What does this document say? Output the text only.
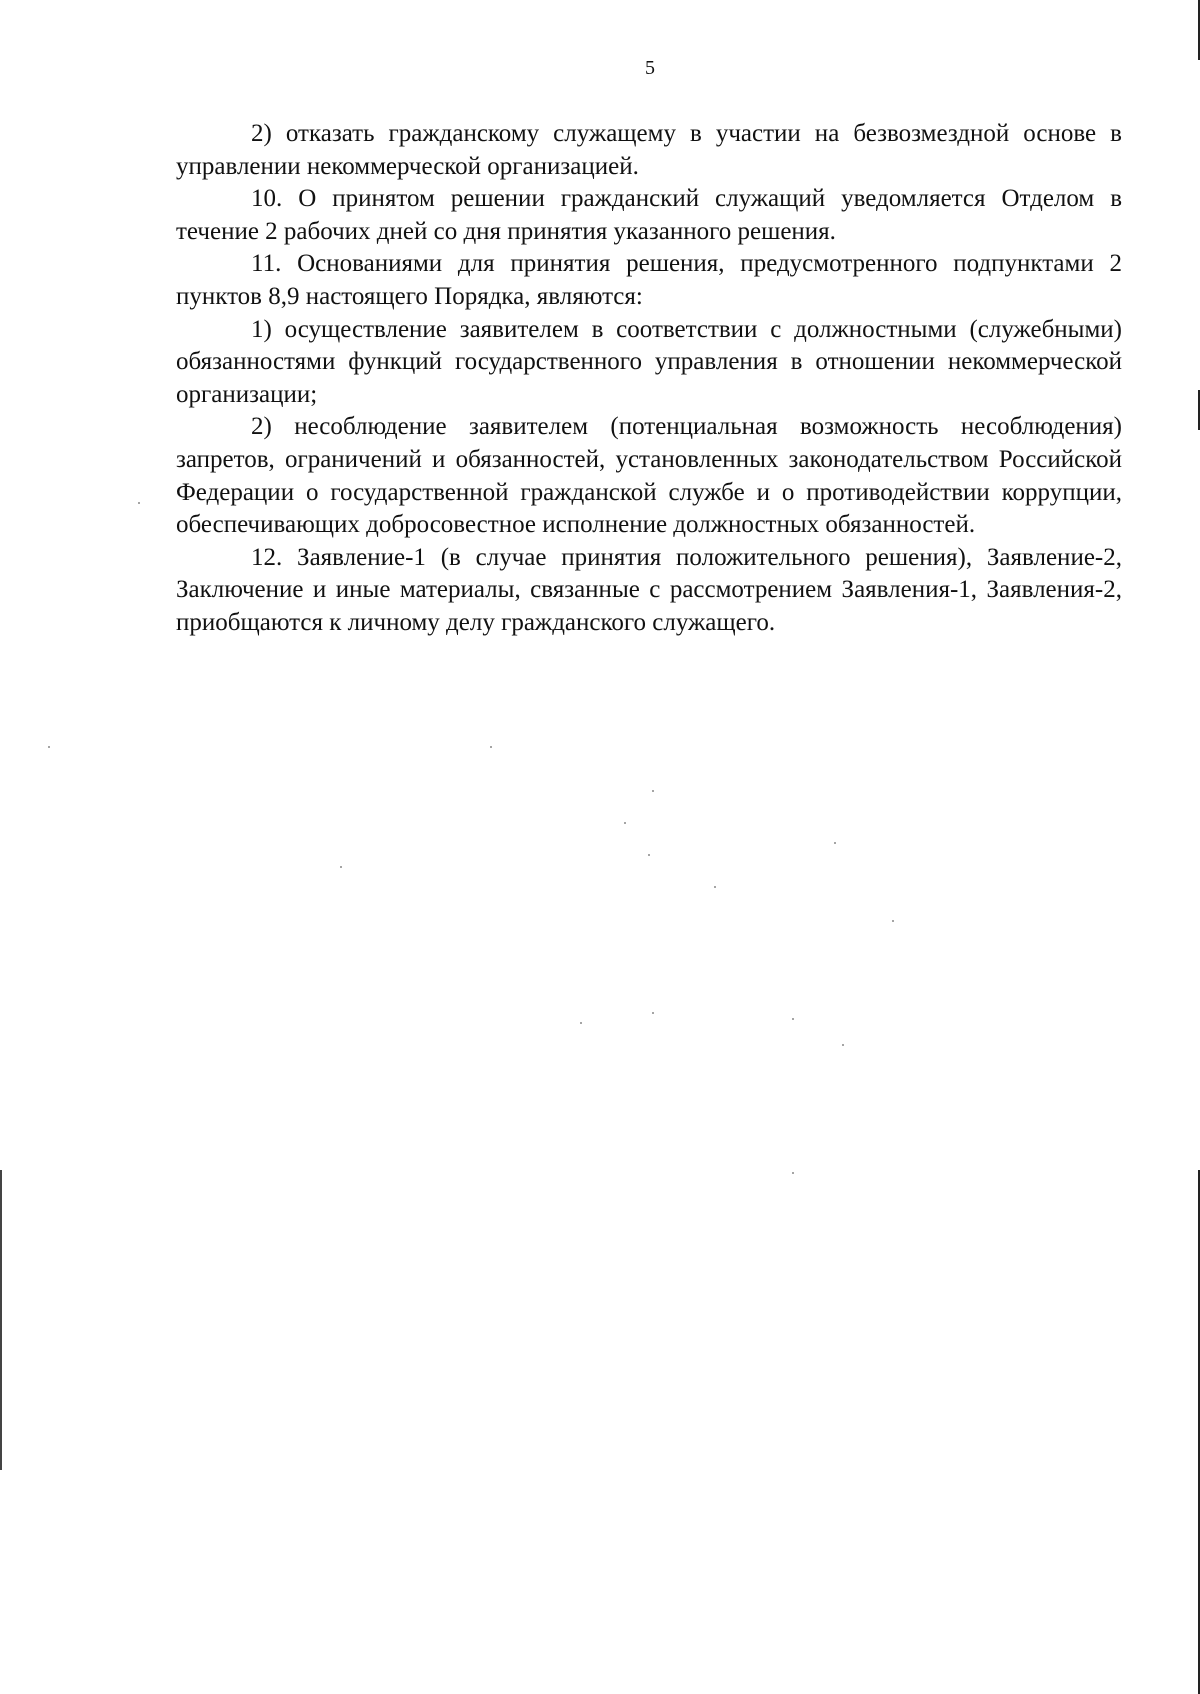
5

2) отказать гражданскому служащему в участии на безвозмездной основе в управлении некоммерческой организацией.

10. О принятом решении гражданский служащий уведомляется Отделом в течение 2 рабочих дней со дня принятия указанного решения.

11. Основаниями для принятия решения, предусмотренного подпунктами 2 пунктов 8,9 настоящего Порядка, являются:

1) осуществление заявителем в соответствии с должностными (служебными) обязанностями функций государственного управления в отношении некоммерческой организации;

2) несоблюдение заявителем (потенциальная возможность несоблюдения) запретов, ограничений и обязанностей, установленных законодательством Российской Федерации о государственной гражданской службе и о противодействии коррупции, обеспечивающих добросовестное исполнение должностных обязанностей.

12. Заявление-1 (в случае принятия положительного решения), Заявление-2, Заключение и иные материалы, связанные с рассмотрением Заявления-1, Заявления-2, приобщаются к личному делу гражданского служащего.
